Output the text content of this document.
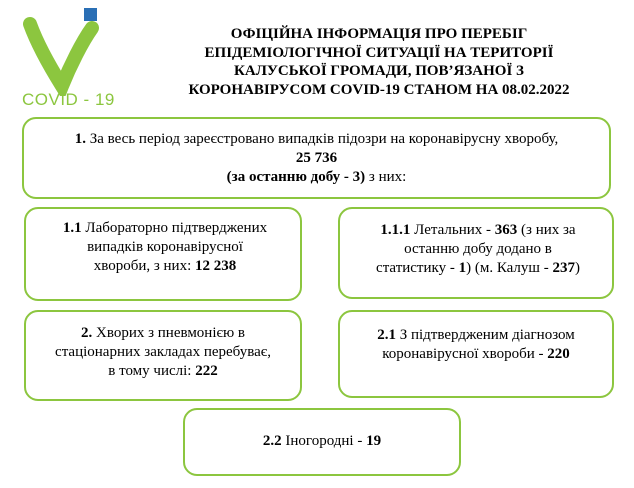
COVID - 19
ОФІЦІЙНА ІНФОРМАЦІЯ ПРО ПЕРЕБІГ
ЕПІДЕМІОЛОГІЧНОЇ СИТУАЦІЇ НА ТЕРИТОРІЇ
КАЛУСЬКОЇ ГРОМАДИ, ПОВ’ЯЗАНОЇ З
КОРОНАВІРУСОМ COVID-19 СТАНОМ НА 08.02.2022
1. За весь період зареєстровано випадків підозри на коронавірусну хворобу,
25 736
(за останню добу - 3) з них:
1.1 Лабораторно підтверджених
випадків коронавірусної
хвороби, з них: 12 238
1.1.1 Летальних - 363 (з них за
останню добу додано в
статистику - 1) (м. Калуш - 237)
2. Хворих з пневмонією в
стаціонарних закладах перебуває,
в тому числі: 222
2.1 З підтвердженим діагнозом
коронавірусної хвороби - 220
2.2 Іногородні - 19
